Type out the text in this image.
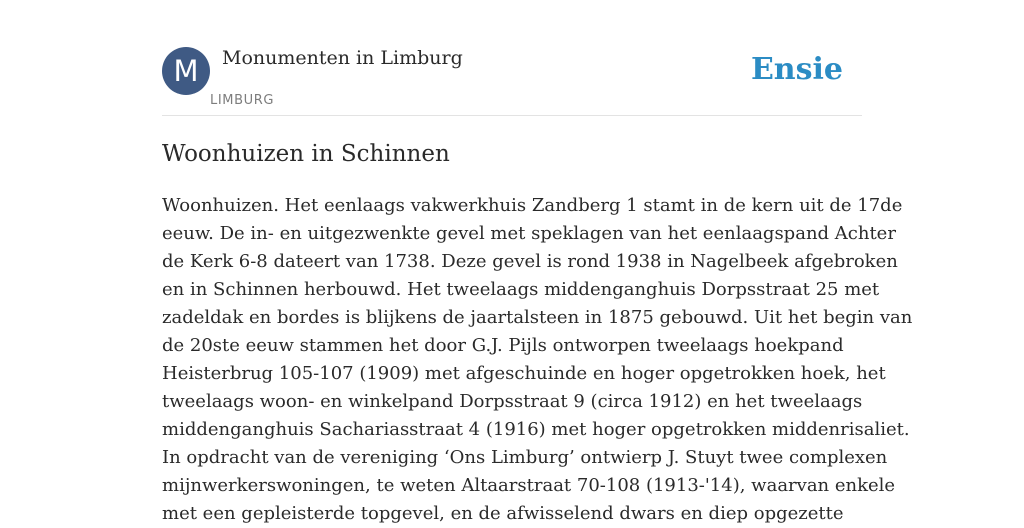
M	Monumenten in Limburg
LIMBURG
Ensie
Woonhuizen in Schinnen

Woonhuizen. Het eenlaags vakwerkhuis Zandberg 1 stamt in de kern uit de 17de
eeuw. De in- en uitgezwenkte gevel met speklagen van het eenlaagspand Achter
de Kerk 6-8 dateert van 1738. Deze gevel is rond 1938 in Nagelbeek afgebroken
en in Schinnen herbouwd. Het tweelaags middenganghuis Dorpsstraat 25 met
zadeldak en bordes is blijkens de jaartalsteen in 1875 gebouwd. Uit het begin van
de 20ste eeuw stammen het door G.J. Pijls ontworpen tweelaags hoekpand
Heisterbrug 105-107 (1909) met afgeschuinde en hoger opgetrokken hoek, het
tweelaags woon- en winkelpand Dorpsstraat 9 (circa 1912) en het tweelaags
middenganghuis Sachariasstraat 4 (1916) met hoger opgetrokken middenrisaliet.
In opdracht van de vereniging ‘Ons Limburg’ ontwierp J. Stuyt twee complexen
mijnwerkerswoningen, te weten Altaarstraat 70-108 (1913-'14), waarvan enkele
met een gepleisterde topgevel, en de afwisselend dwars en diep opgezette
